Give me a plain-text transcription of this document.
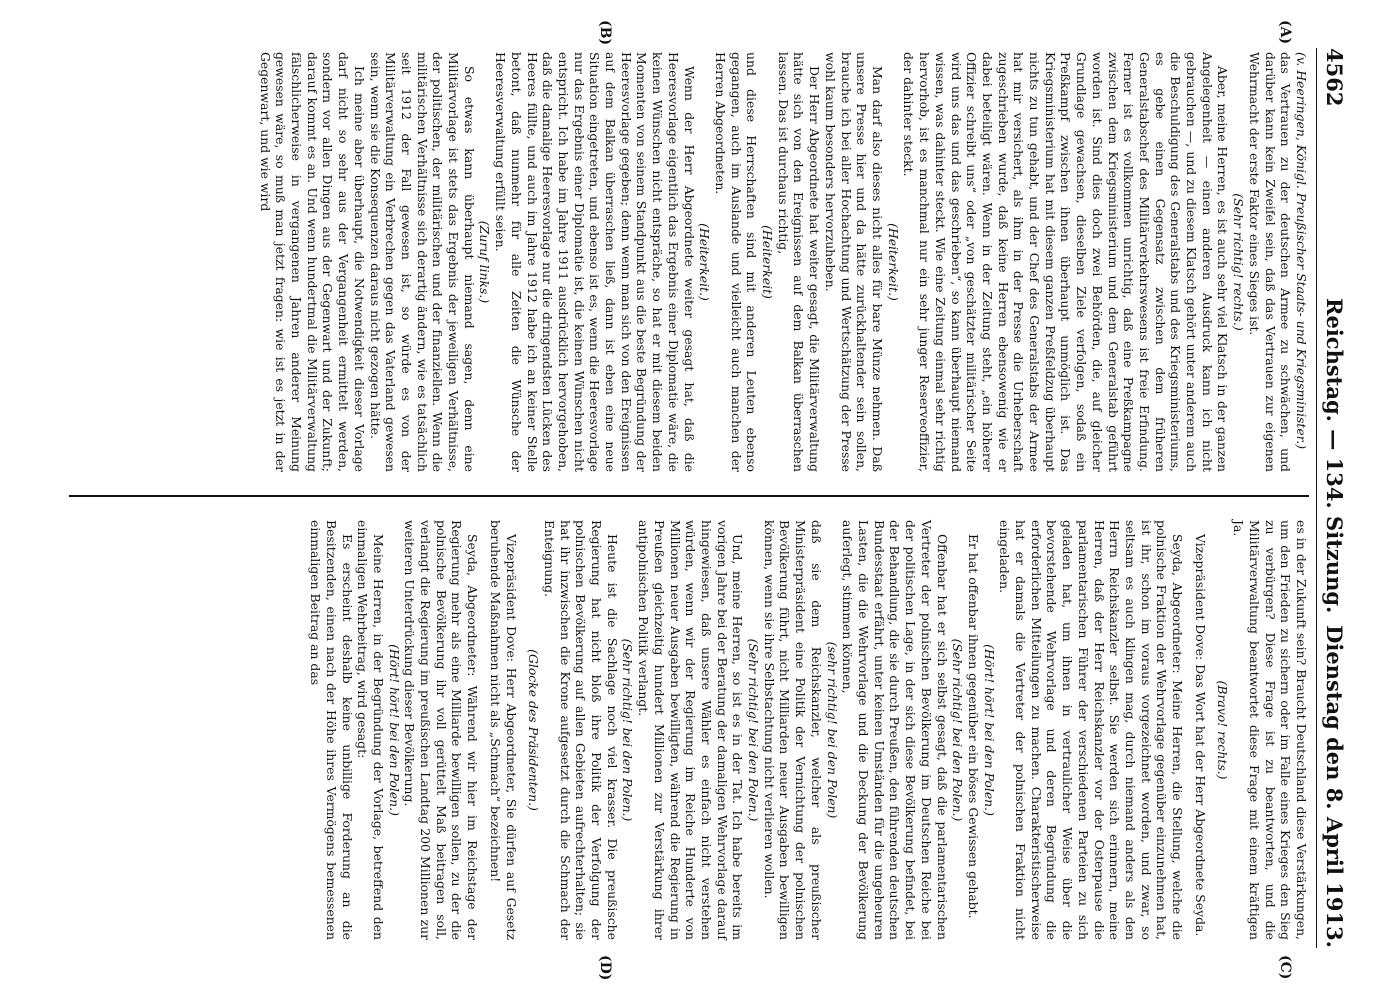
4562
Reichstag. — 134. Sitzung.
Dienstag den 8. April 1913.
(A)
(B)
(C)
(D)

(v. Heeringen, Königl. Preußischer Staats- und Kriegsminister.)

das Vertrauen zu der deutschen Armee zu schwächen, und darüber kann kein Zweifel sein, daß das Vertrauen zur eigenen Wehrmacht der erste Faktor eines Sieges ist.

(Sehr richtig! rechts.)

Aber, meine Herren, es ist auch sehr viel Klatsch in der ganzen Angelegenheit — einen anderen Ausdruck kann ich nicht gebrauchen —, und zu diesem Klatsch gehört unter anderem auch die Beschuldigung des Generalstabs und des Kriegsministeriums, es gebe einen Gegensatz zwischen dem früheren Generalstabschef des Militärverkehrswesens ist freie Erfindung. Ferner ist es vollkommen unrichtig, daß eine Preßkampagne zwischen dem Kriegsministerium und dem Generalstab geführt worden ist. Sind dies doch zwei Behörden, die, auf gleicher Grundlage gewachsen, dieselben Ziele verfolgen, sodaß ein Preßkampf zwischen ihnen überhaupt unmöglich ist. Das Kriegsministerium hat mit diesem ganzen Preßfeldzug überhaupt nichts zu tun gehabt, und der Chef des Generalstabs der Armee hat mir versichert, als ihm in der Presse die Urheberschaft zugeschrieben wurde, daß keine Herren ebensowenig wie er dabei beteiligt wären. Wenn in der Zeitung steht, „ein höherer Offizier schreibt uns“ oder „von geschätzter militärischer Seite wird uns das und das geschrieben“, so kann überhaupt niemand wissen, was dahinter steckt. Wie eine Zeitung einmal sehr richtig hervorhob, ist es manchmal nur ein sehr junger Reserveoffizier, der dahinter steckt.

(Heiterkeit.)

Man darf also dieses nicht alles für bare Münze nehmen. Daß unsere Presse hier und da hätte zurückhaltender sein sollen, brauche ich bei aller Hochachtung und Wertschätzung der Presse wohl kaum besonders hervorzuheben.

Der Herr Abgeordnete hat weiter gesagt, die Militärverwaltung hätte sich von den Ereignissen auf dem Balkan überraschen lassen. Das ist durchaus richtig,

(Heiterkeit)

und diese Herrschaften sind mit anderen Leuten ebenso gegangen, auch im Auslande und vielleicht auch manchen der Herren Abgeordneten.

(Heiterkeit.)

Wenn der Herr Abgeordnete weiter gesagt hat, daß die Heeresvorlage eigentlich das Ergebnis einer Diplomatie wäre, die keinen Wünschen nicht entspräche, so hat er mit diesem beiden Momenten von seinem Standpunkt aus die beste Begründung der Heeresvorlage gegeben; denn wenn man sich von den Ereignissen auf dem Balkan überraschen ließ, dann ist eben eine neue Situation eingetreten, und ebenso ist es, wenn die Heeresvorlage nur das Ergebnis einer Diplomatie ist, die keinen Wünschen nicht entspricht. Ich habe im Jahre 1911 ausdrücklich hervorgehoben, daß die damalige Heeresvorlage nur die dringendsten Lücken des Heeres füllte, und auch im Jahre 1912 habe ich an keiner Stelle betont, daß nunmehr für alle Zeiten die Wünsche der Heeresverwaltung erfüllt seien.

(Zuruf links.)

So etwas kann überhaupt niemand sagen, denn eine Militärvorlage ist stets das Ergebnis der jeweiligen Verhältnisse, der politischen, der militärischen und der finanziellen. Wenn die militärischen Verhältnisse sich derartig ändern, wie es tatsächlich seit 1912 der Fall gewesen ist, so würde es von der Militärverwaltung ein Verbrechen gegen das Vaterland gewesen sein, wenn sie die Konsequenzen daraus nicht gezogen hätte.

Ich meine aber überhaupt, die Notwendigkeit dieser Vorlage darf nicht so sehr aus der Vergangenheit ermittelt werden, sondern vor allen Dingen aus der Gegenwart und der Zukunft; darauf kommt es an. Und wenn hundertmal die Militärverwaltung fälschlicherweise in vergangenen Jahren anderer Meinung gewesen wäre, so muß man jetzt fragen: wie ist es jetzt in der Gegenwart, und wie wird

es in der Zukunft sein? Braucht Deutschland diese Verstärkungen, um den Frieden zu sichern oder im Falle eines Krieges den Sieg zu verbürgen? Diese Frage ist zu beantworten, und die Militärverwaltung beantwortet diese Frage mit einem kräftigen Ja.

(Bravo! rechts.)

Vizepräsident Dove: Das Wort hat der Herr Abgeordnete Seyda.

Seyda, Abgeordneter: Meine Herren, die Stellung, welche die polnische Fraktion der Wehrvorlage gegenüber einzunehmen hat, ist ihr, schon im voraus vorgezeichnet worden, und zwar, so seltsam es auch klingen mag, durch niemand anders als den Herrn Reichskanzler selbst. Sie werden sich erinnern, meine Herren, daß der Herr Reichskanzler vor der Osterpause die parlamentarischen Führer der verschiedenen Parteien zu sich geladen hat, um ihnen in vertraulicher Weise über die bevorstehende Wehrvorlage und deren Begründung die erforderlichen Mitteilungen zu machen. Charakteristischerweise hat er damals die Vertreter der polnischen Fraktion nicht eingeladen.

(Hört! hört! bei den Polen.)

Er hat offenbar ihnen gegenüber ein böses Gewissen gehabt.

(Sehr richtig! bei den Polen.)

Offenbar hat er sich selbst gesagt, daß die parlamentarischen Vertreter der polnischen Bevölkerung im Deutschen Reiche bei der politischen Lage, in der sich diese Bevölkerung befindet, bei der Behandlung, die sie durch Preußen, den führenden deutschen Bundesstaat erfährt, unter keinen Umständen für die ungeheuren Lasten, die die Wehrvorlage und die Deckung der Bevölkerung auferlegt, stimmen können,

(sehr richtig! bei den Polen)

daß sie dem Reichskanzler, welcher als preußischer Ministerpräsident eine Politik der Vernichtung der polnischen Bevölkerung führt, nicht Milliarden neuer Ausgaben bewilligen können, wenn sie ihre Selbstachtung nicht verlieren wollen.

(Sehr richtig! bei den Polen.)

Und, meine Herren, so ist es in der Tat. Ich habe bereits im vorigen Jahre bei der Beratung der damaligen Wehrvorlage darauf hingewiesen, daß unsere Wähler es einfach nicht verstehen würden, wenn wir der Regierung im Reiche Hunderte von Millionen neuer Ausgaben bewilligten, während die Regierung in Preußen gleichzeitig hundert Millionen zur Verstärkung ihrer antipolnischen Politik verlangt.

(Sehr richtig! bei den Polen.)

Heute ist die Sachlage noch viel krasser. Die preußische Regierung hat nicht bloß ihre Politik der Verfolgung der polnischen Bevölkerung auf allen Gebieten aufrechterhalten; sie hat ihr inzwischen die Krone aufgesetzt durch die Schmach der Enteignung.

(Glocke des Präsidenten.)

Vizepräsident Dove: Herr Abgeordneter, Sie dürfen auf Gesetz beruhende Maßnahmen nicht als „Schmach“ bezeichnen!

Seyda, Abgeordneter: Während wir hier im Reichstage der Regierung mehr als eine Milliarde bewilligen sollen, zu der die polnische Bevölkerung ihr voll gerüttelt Maß beitragen soll, verlangt die Regierung im preußischen Landtag 200 Millionen zur weiteren Unterdrückung dieser Bevölkerung.

(Hört! hört! bei den Polen.)

Meine Herren, in der Begründung der Vorlage, betreffend den einmaligen Wehrbeitrag, wird gesagt:

Es erscheint deshalb keine unbillige Forderung an die Besitzenden, einen nach der Höhe ihres Vermögens bemessenen einmaligen Beitrag an das
